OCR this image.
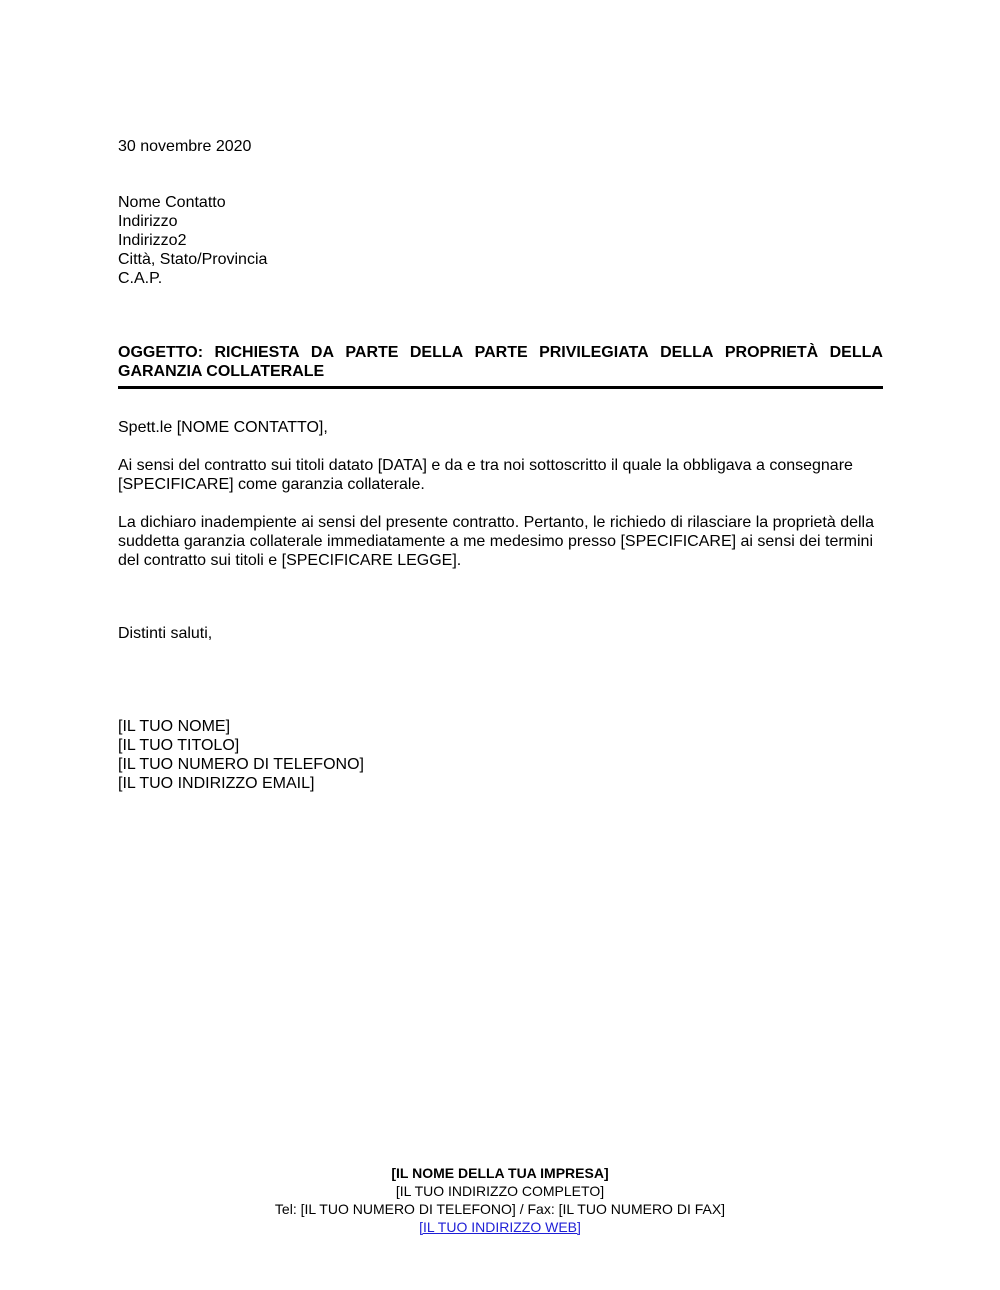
30 novembre 2020
Nome Contatto
Indirizzo
Indirizzo2
Città, Stato/Provincia
C.A.P.
OGGETTO: RICHIESTA DA PARTE DELLA PARTE PRIVILEGIATA DELLA PROPRIETÀ DELLA
GARANZIA COLLATERALE
Spett.le [NOME CONTATTO],
Ai sensi del contratto sui titoli datato [DATA] e da e tra noi sottoscritto il quale la obbligava a consegnare [SPECIFICARE] come garanzia collaterale.
La dichiaro inadempiente ai sensi del presente contratto. Pertanto, le richiedo di rilasciare la proprietà della suddetta garanzia collaterale immediatamente a me medesimo presso [SPECIFICARE] ai sensi dei termini del contratto sui titoli e [SPECIFICARE LEGGE].
Distinti saluti,
[IL TUO NOME]
[IL TUO TITOLO]
[IL TUO NUMERO DI TELEFONO]
[IL TUO INDIRIZZO EMAIL]
[IL NOME DELLA TUA IMPRESA]
[IL TUO INDIRIZZO COMPLETO]
Tel: [IL TUO NUMERO DI TELEFONO] / Fax: [IL TUO NUMERO DI FAX]
[IL TUO INDIRIZZO WEB]
